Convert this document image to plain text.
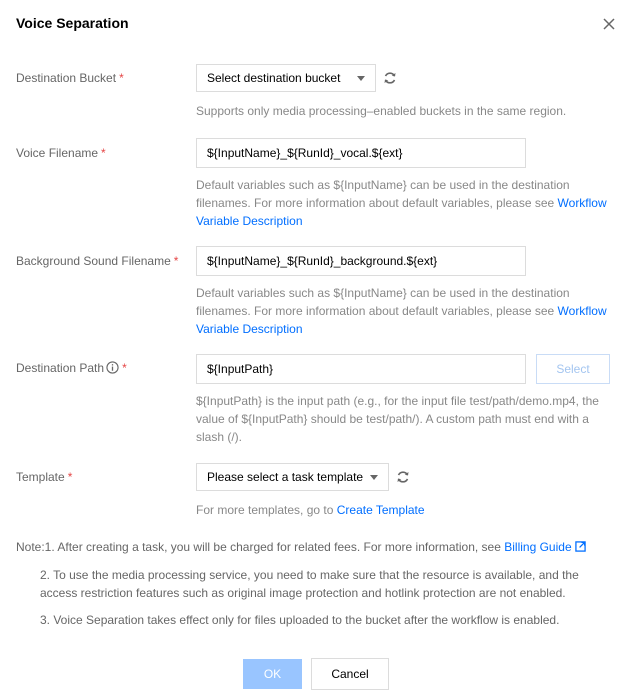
Voice Separation
Destination Bucket *	Select destination bucket
Supports only media processing–enabled buckets in the same region.
Voice Filename *	${InputName}_${RunId}_vocal.${ext}
Default variables such as ${InputName} can be used in the destination filenames. For more information about default variables, please see Workflow Variable Description
Background Sound Filename *	${InputName}_${RunId}_background.${ext}
Default variables such as ${InputName} can be used in the destination filenames. For more information about default variables, please see Workflow Variable Description
Destination Path *	${InputPath}	Select
${InputPath} is the input path (e.g., for the input file test/path/demo.mp4, the value of ${InputPath} should be test/path/). A custom path must end with a slash (/).
Template *	Please select a task template
For more templates, go to Create Template
Note:1. After creating a task, you will be charged for related fees. For more information, see Billing Guide
2. To use the media processing service, you need to make sure that the resource is available, and the access restriction features such as original image protection and hotlink protection are not enabled.
3. Voice Separation takes effect only for files uploaded to the bucket after the workflow is enabled.
OK	Cancel
